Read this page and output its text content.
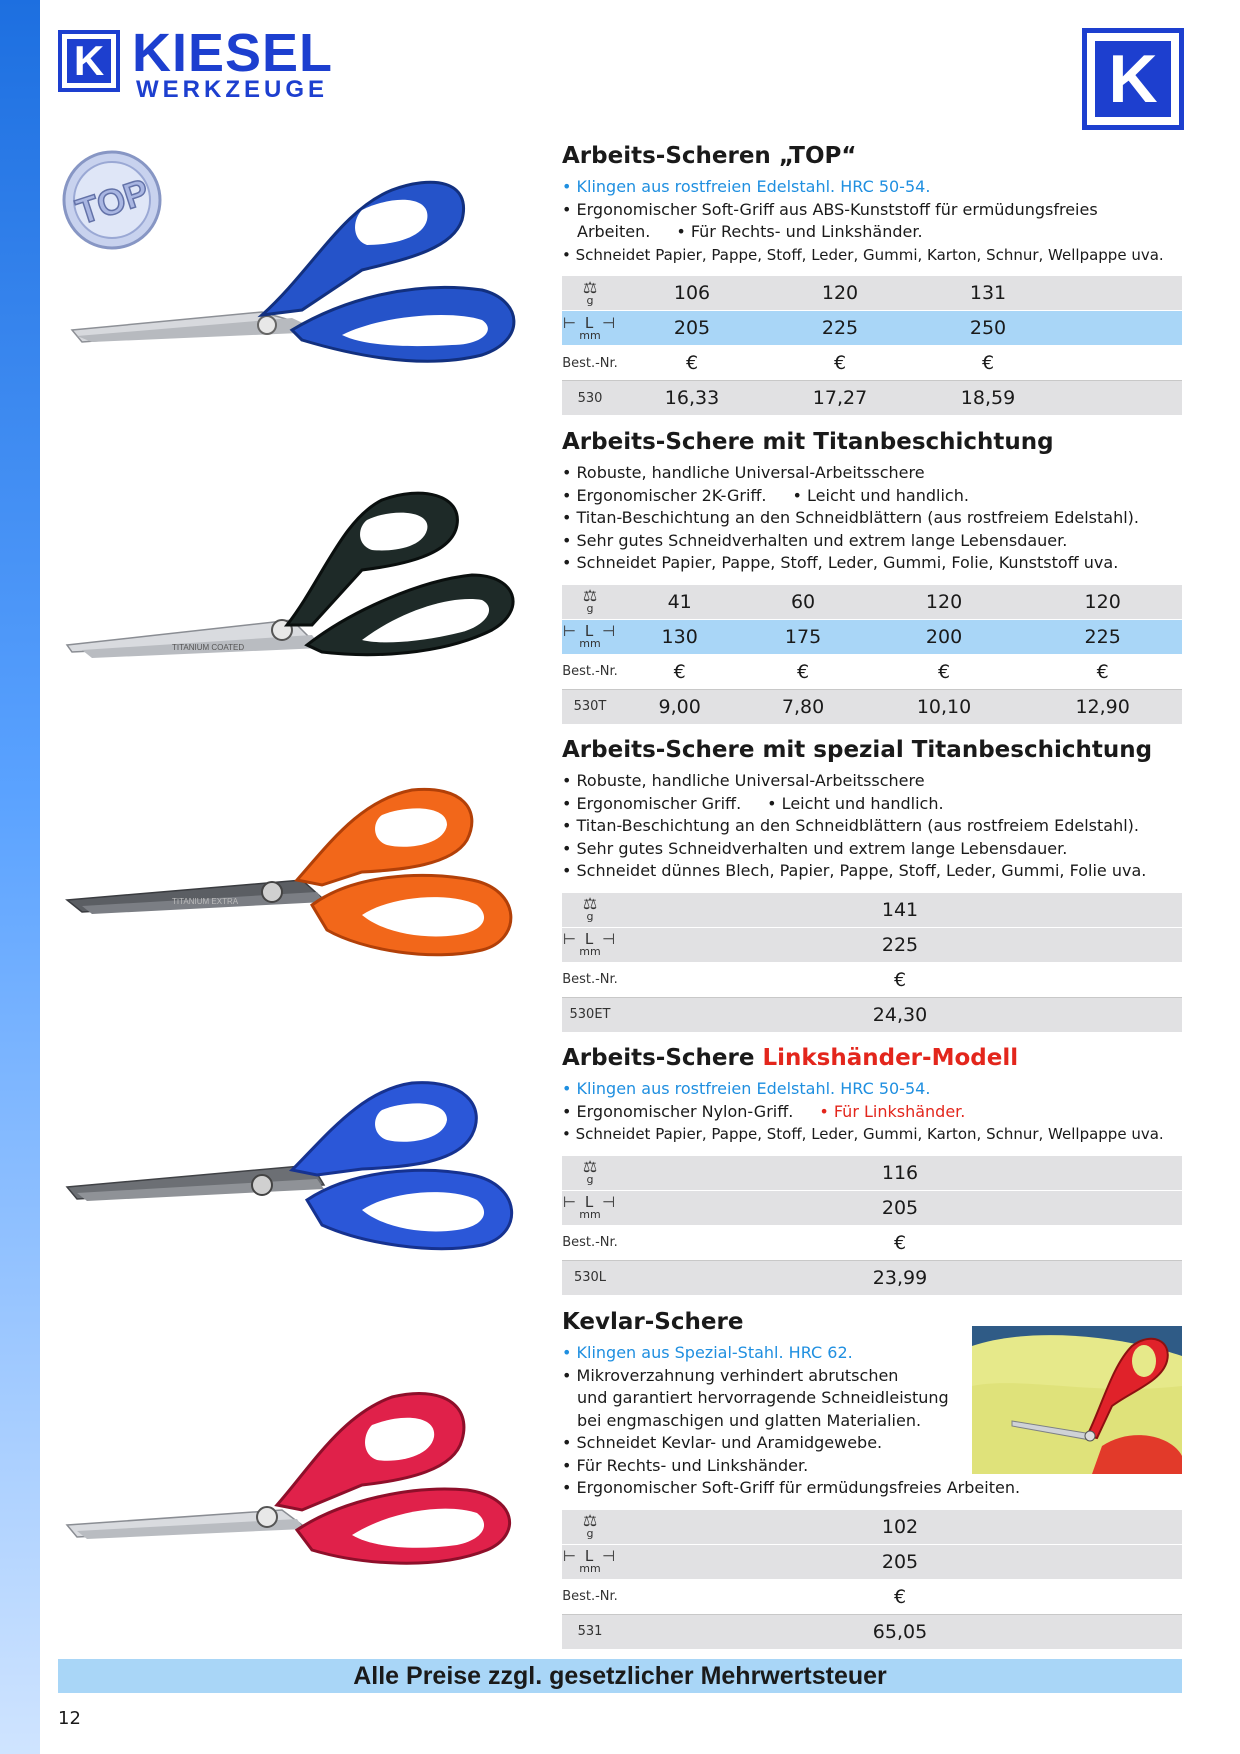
K KIESEL
WERKZEUGE	K
TOP
TITANIUM COATED
TITANIUM EXTRA
Arbeits-Scheren „TOP“
• Klingen aus rostfreien Edelstahl. HRC 50-54.
• Ergonomischer Soft-Griff aus ABS-Kunststoff für ermüdungsfreies
Arbeiten. • Für Rechts- und Linkshänder.
• Schneidet Papier, Pappe, Stoff, Leder, Gummi, Karton, Schnur, Wellpappe uva.
⚖
g	106	120	131	

⊢ L ⊣
mm	205	225	250	
Best.-Nr.	€	€	€	
530	16,33	17,27	18,59	
Arbeits-Schere mit Titanbeschichtung
• Robuste, handliche Universal-Arbeitsschere
• Ergonomischer 2K-Griff. • Leicht und handlich.
• Titan-Beschichtung an den Schneidblättern (aus rostfreiem Edelstahl).
• Sehr gutes Schneidverhalten und extrem lange Lebensdauer.
• Schneidet Papier, Pappe, Stoff, Leder, Gummi, Folie, Kunststoff uva.
⚖
g	41	60	120	120

⊢ L ⊣
mm	130	175	200	225
Best.-Nr.	€	€	€	€
530T	9,00	7,80	10,10	12,90
Arbeits-Schere mit spezial Titanbeschichtung
• Robuste, handliche Universal-Arbeitsschere
• Ergonomischer Griff. • Leicht und handlich.
• Titan-Beschichtung an den Schneidblättern (aus rostfreiem Edelstahl).
• Sehr gutes Schneidverhalten und extrem lange Lebensdauer.
• Schneidet dünnes Blech, Papier, Pappe, Stoff, Leder, Gummi, Folie uva.
⚖
g	141

⊢ L ⊣
mm	225
Best.-Nr.	€
530ET	24,30
Arbeits-Schere Linkshänder-Modell
• Klingen aus rostfreien Edelstahl. HRC 50-54.
• Ergonomischer Nylon-Griff. • Für Linkshänder.
• Schneidet Papier, Pappe, Stoff, Leder, Gummi, Karton, Schnur, Wellpappe uva.
⚖
g	116

⊢ L ⊣
mm	205
Best.-Nr.	€
530L	23,99
Kevlar-Schere
• Klingen aus Spezial-Stahl. HRC 62.
• Mikroverzahnung verhindert abrutschen
und garantiert hervorragende Schneidleistung
bei engmaschigen und glatten Materialien.
• Schneidet Kevlar- und Aramidgewebe.
• Für Rechts- und Linkshänder.
• Ergonomischer Soft-Griff für ermüdungsfreies Arbeiten.
⚖
g	102

⊢ L ⊣
mm	205
Best.-Nr.	€
531	65,05
Alle Preise zzgl. gesetzlicher Mehrwertsteuer
12
